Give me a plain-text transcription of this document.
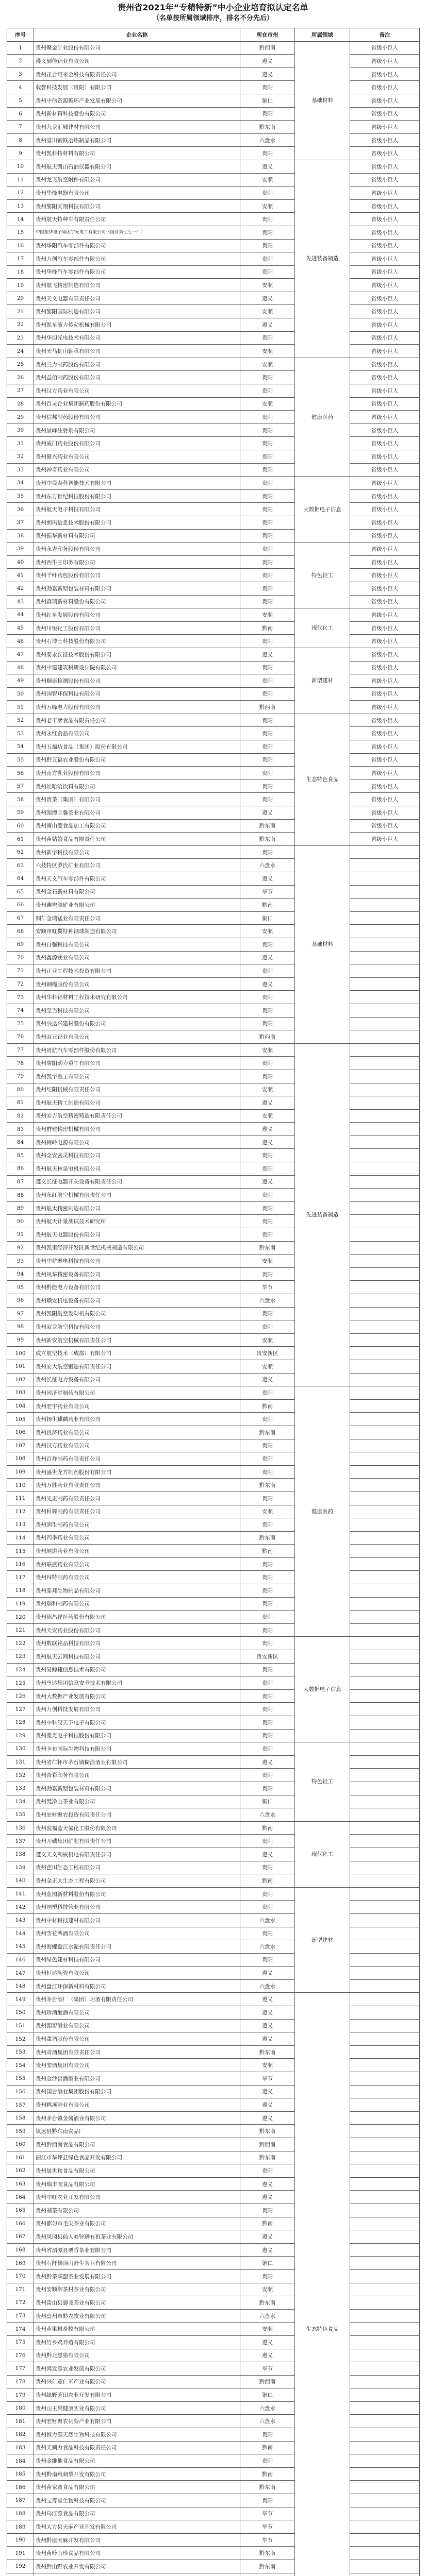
贵州省2021年“专精特新”中小企业培育拟认定名单
（名单按所属领域排序，排名不分先后）
序号	企业名称	所在市州	所属领域	备注
1	贵州聚金矿业股份有限公司	黔西南	基础材料	省级小巨人
2	遵义到佳铝业有限公司	遵义		省级小巨人
3	贵州正合可来金科技有限责任公司	遵义		省级小巨人
4	载誉科技发展（贵阳）有限公司	贵阳		省级小巨人
5	贵州中伟资源循环产业发展有限公司	铜仁		省级小巨人
6	贵州新材料科技股份有限公司	贵阳		省级小巨人
7	贵州九龙汇城建材有限公司	黔东南		省级小巨人
8	贵州堂川钢铁冶炼制品有限公司	六盘水		省级小巨人
9	贵州凯科特材料有限公司	贵阳		省级小巨人
10	贵州航天凯山石油仪器有限公司	遵义	先进装备制造	省级小巨人
11	贵州龙飞航空附件有限公司	安顺		省级小巨人
12	贵州华烽电器有限公司	贵阳		省级小巨人
13	贵州黎阳天翔科技有限公司	安顺		省级小巨人
14	贵州航天特种车有限责任公司	贵阳		省级小巨人
15	中国振华电子集团宇光电工有限公司（国营第七七一厂）	贵阳		省级小巨人
16	贵州华阳汽车零部件有限公司	贵阳		省级小巨人
17	贵州力创汽车零部件有限公司	贵阳		省级小巨人
18	贵州华烽汽车零部件有限公司	贵阳		省级小巨人
19	贵州航飞精密制造有限公司	安顺		省级小巨人
20	贵州天义电器有限责任公司	遵义		省级小巨人
21	贵州黎阳国际制造有限公司	安顺		省级小巨人
22	贵州凯星液力传动机械有限公司	遵义		省级小巨人
23	贵州华旭光电技术有限公司	贵阳		省级小巨人
24	贵州天马虹山轴承有限公司	安顺		省级小巨人
25	贵州三力制药股份有限公司	安顺	健康医药	省级小巨人
26	贵州益佰制药股份有限公司	贵阳		省级小巨人
27	贵州汉方药业有限公司	贵阳		省级小巨人
28	贵州百灵企业集团制药股份有限公司	安顺		省级小巨人
29	贵州信邦制药股份有限公司	贵阳		省级小巨人
30	贵州景峰注射剂有限公司	贵阳		省级小巨人
31	贵州威门药业股份有限公司	贵阳		省级小巨人
32	贵州健兴药业有限公司	贵阳		省级小巨人
33	贵州神奇药业有限公司	贵阳		省级小巨人
34	贵州中晟泰科智能技术有限公司	贵阳	大数据电子信息	省级小巨人
35	贵州东方世纪科技股份有限公司	贵阳		省级小巨人
36	贵州航天电子科技有限公司	贵阳		省级小巨人
37	贵州朗玛信息技术股份有限公司	贵阳		省级小巨人
38	贵州振华新材料有限公司	贵阳		省级小巨人
39	贵州永吉印务股份有限公司	贵阳	特色轻工	省级小巨人
40	贵州西牛王印务有限公司	贵阳		省级小巨人
41	贵州千叶药包股份有限公司	贵阳		省级小巨人
42	贵州劲嘉新型包装材料有限公司	贵阳		省级小巨人
43	贵州森瑞新材料股份有限公司	贵阳		省级小巨人
44	贵州红星发展股份有限公司	安顺	现代化工	省级小巨人
45	贵州川恒化工股份有限公司	黔南		省级小巨人
46	贵州石博士科技股份有限公司	贵阳		省级小巨人
47	贵州泰永长征技术股份有限公司	遵义	新型建材	省级小巨人
48	贵州中建建筑科研设计院有限公司	贵阳		省级小巨人
49	贵州顺康检测股份有限公司	贵阳		省级小巨人
50	贵州国智环保科技有限公司	贵阳		省级小巨人
51	贵州万峰电力股份有限公司	黔西南		省级小巨人
52	贵州老干爹食品有限责任公司	贵阳	生态特色食品	省级小巨人
53	贵州永红食品有限公司	贵阳		省级小巨人
54	贵州五福坊食品（集团）股份有限公司	贵阳		省级小巨人
55	贵州黔五福农业股份有限公司	贵阳		省级小巨人
56	贵州南方乳业股份有限公司	贵阳		省级小巨人
57	贵州娃哈哈饮料有限公司	贵阳		省级小巨人
58	贵州贵茶（集团）有限公司	贵阳		省级小巨人
59	贵州湄潭兰馨茶业有限公司	遵义		省级小巨人
60	贵州南山婆食品加工有限公司	黔东南		省级小巨人
61	贵州苗姑娘食品有限责任公司	黔东南		省级小巨人
62	贵州新宇科技有限公司	贵阳	基础材料	
63	六枝特区罗氏矿业有限公司	六盘水		
64	贵州天义汽车零部件有限公司	遵义		
65	贵州金石新材料有限公司	毕节		
66	贵州鑫宏源矿业有限公司	黔南		
67	铜仁金瑞锰业有限责任公司	铜仁		
68	安顺市虹翼特种钢球制造有限公司	安顺		
69	贵州自强科技有限公司	贵阳		
70	贵州鑫源镁业有限公司	遵义		
71	贵州正业工程技术投资有限公司	贵阳		
72	贵州钢绳股份有限公司	遵义		
73	贵州华科铝材料工程技术研究有限公司	贵阳		
74	贵州至当科技有限公司	贵阳		
75	贵州兴达兴建材股份有限公司	贵阳		
76	贵州双元铝业有限公司	黔西南		
77	贵州贵航汽车零部件股份有限公司	安顺	先进装备制造	
78	贵州詹阳动力重工有限公司	贵阳		
79	贵州凯宇重工有限公司	贵阳		
80	贵州红阳机械有限责任公司	安顺		
81	贵州航天精工制造有限公司	遵义		
82	贵州安吉航空精密铸造有限责任公司	安顺		
83	贵州群建精密机械有限公司	遵义		
84	贵州梅岭电源有限公司	遵义		
85	贵州全安密灵科技有限公司	贵阳		
86	贵州航天林泉电机有限公司	贵阳		
87	遵义长征电器开关设备有限责任公司	遵义		
88	贵州永红航空机械有限责任公司	贵阳		
89	贵州航太精密制造有限公司	贵阳		
90	贵州航天计量测试技术研究所	贵阳		
91	贵州航天电器股份有限公司	贵阳		
92	贵州凯里经济开发区新世纪机械制造有限公司	黔东南		
93	贵州中航聚电科技有限公司	安顺		
94	贵州风华精密设备有限公司	贵阳		
95	贵州黔能电力设备有限公司	毕节		
96	贵州顺安机电设备有限公司	六盘水		
97	贵州凯阳航空发动机有限公司	贵阳		
98	贵州双龙航空科技有限公司	贵阳		
99	贵州新安航空机械有限责任公司	安顺		
100	成立航空技术（成都）有限公司	贵安新区		
101	贵州安大航空锻造有限责任公司	安顺		
102	贵州长征电力设备有限公司	遵义		
103	贵州同济堂制药有限公司	贵阳	健康医药	
104	贵州宏宇药业有限公司	黔南		
105	贵州扬生麒麟药业有限公司	贵阳		
106	贵州良济药业有限公司	黔东南		
107	贵州汉方药业有限公司	贵阳		
108	贵州百祥制药有限责任公司	贵阳		
109	贵州盛世龙方制药股份有限公司	贵阳		
110	贵州万胜药业有限责任公司	黔东南		
111	贵州光正制药有限责任公司	贵阳		
112	贵州科辉制药有限责任公司	安顺		
113	贵州润生制药有限公司	贵阳		
114	贵州四季药业有限公司	黔东南		
115	贵州地道药业有限公司	黔南		
116	贵州联盛药业有限公司	贵阳		
117	贵州拜特制药有限公司	贵阳		
118	贵州泰邦生物制品有限公司	贵阳		
119	贵州瑞和制药有限公司	贵阳		
120	贵州德昌祥医药股份有限公司	贵阳		
121	贵州天安药业股份有限公司	贵阳		
122	贵州数联铭品科技有限公司	贵阳	大数据电子信息	
123	贵州航天云网科技有限公司	贵安新区		
124	贵州易鲸捷信息技术有限公司	贵阳		
125	贵州亨达集团信息安全技术有限公司	贵阳		
126	贵州大数据产业发展有限公司	贵阳		
127	贵州力创科技发展有限公司	贵阳		
128	贵州中科汉天下电子有限公司	贵阳		
129	贵州雅光电子科技股份有限公司	贵阳		
130	贵州卡布国际生物科技有限公司	贵阳	特色轻工	
131	贵州省仁怀市茅台镇糊涂酒业有限公司	遵义		
132	贵州奇彩印务有限公司	贵阳		
133	贵州劲嘉新型包装材料有限公司	贵阳		
134	贵州梵净山茶业有限公司	铜仁		
135	贵州宏财聚农投资有限责任公司	六盘水		
136	贵州瓮福蓝天氟化工股份有限公司	黔南	现代化工	
137	贵州开磷集团矿肥有限责任公司	贵阳		
138	遵义天义利威机电有限责任公司	遵义		
139	贵州芭田生态工程有限公司	贵阳		
140	贵州金正大生态工程有限公司	黔南		
141	贵州蓝图新材料股份有限公司	贵阳	新型建材	
142	贵州国塑科技管业有限公司	贵阳		
143	贵州中材科技建材有限公司	六盘水		
144	贵州雪花啤酒有限公司	贵阳		
145	贵州海螺盘江水泥有限责任公司	六盘水		
146	贵州绿色建材科技有限公司	贵阳		
147	贵州恒达陶瓷有限公司	遵义		
148	贵州盘江环保新材料有限公司	六盘水		
149	贵州茅台酒厂（集团）习酒有限责任公司	遵义	生态特色食品	
150	贵州珍酒酿酒有限公司	遵义		
151	贵州湄窖酒业有限公司	遵义		
152	贵州董酒股份有限公司	遵义		
153	贵州青酒集团有限责任公司	黔东南		
154	贵州安酒集团有限公司	安顺		
155	贵州金沙窖酒酒业有限公司	毕节		
156	贵州国台酒业集团股份有限公司	遵义		
157	贵州鸭溪酒业有限公司	遵义		
158	贵州茅台镇金酱酒业有限公司	遵义		
159	镇远县黔东南食品厂	黔东南		
160	贵州黔西南食品有限公司	黔西南		
161	丽江市华坪县绿色食品开发有限公司	黔东南		
162	贵州晟世和食品有限公司	贵阳		
163	贵州瑞丰园食品有限公司	遵义		
164	贵州中旺农业开发有限公司	遵义		
165	贵州制茶有限公司	贵阳		
166	贵州都匀市毛尖茶业有限公司	黔南		
167	贵州凤冈县仙人岭锌硒有机茶业有限公司	遵义		
168	贵州省湄潭县栗香茶业有限公司	遵义		
169	贵州石阡佛顶山野生茶业有限公司	铜仁		
170	贵州黔茶联盟茶业发展有限公司	贵阳		
171	贵州安顺御茶村茶业有限公司	安顺		
172	贵州雷山县脚尧茶业有限公司	黔东南		
173	贵州盘州市黔农牧业有限公司	六盘水		
174	贵州黄果树畜牧有限公司	安顺		
175	贵州竹乡鸡养殖有限公司	遵义		
176	贵州黔北黑猪有限公司	遵义		
177	贵州鸿发源农业发展有限公司	毕节		
178	贵州兴仁薏仁米产业有限公司	黔西南		
179	贵州绿野芳田农业开发有限公司	铜仁		
180	贵州山王果健康实业有限公司	六盘水		
181	贵州宏财聚农刺梨产业有限公司	六盘水		
182	贵州恒力源天然生物科技有限公司	贵阳		
183	贵州天刺力食品科技有限责任公司	黔南		
184	贵州金维他食品有限公司	贵阳		
185	贵州黔南州刺梨开发有限公司	黔南		
186	贵州苗家寨食品有限公司	黔东南		
187	贵州宝寿堂生物科技有限公司	贵阳		
188	贵州乌江源食品有限公司	毕节		
189	贵州大方县天麻产业开发有限公司	毕节		
190	贵州黔康天麻开发有限公司	毕节		
191	贵州苗岭山珍食品有限公司	黔东南		
192	贵州黔山野农业开发有限公司	黔东南		
